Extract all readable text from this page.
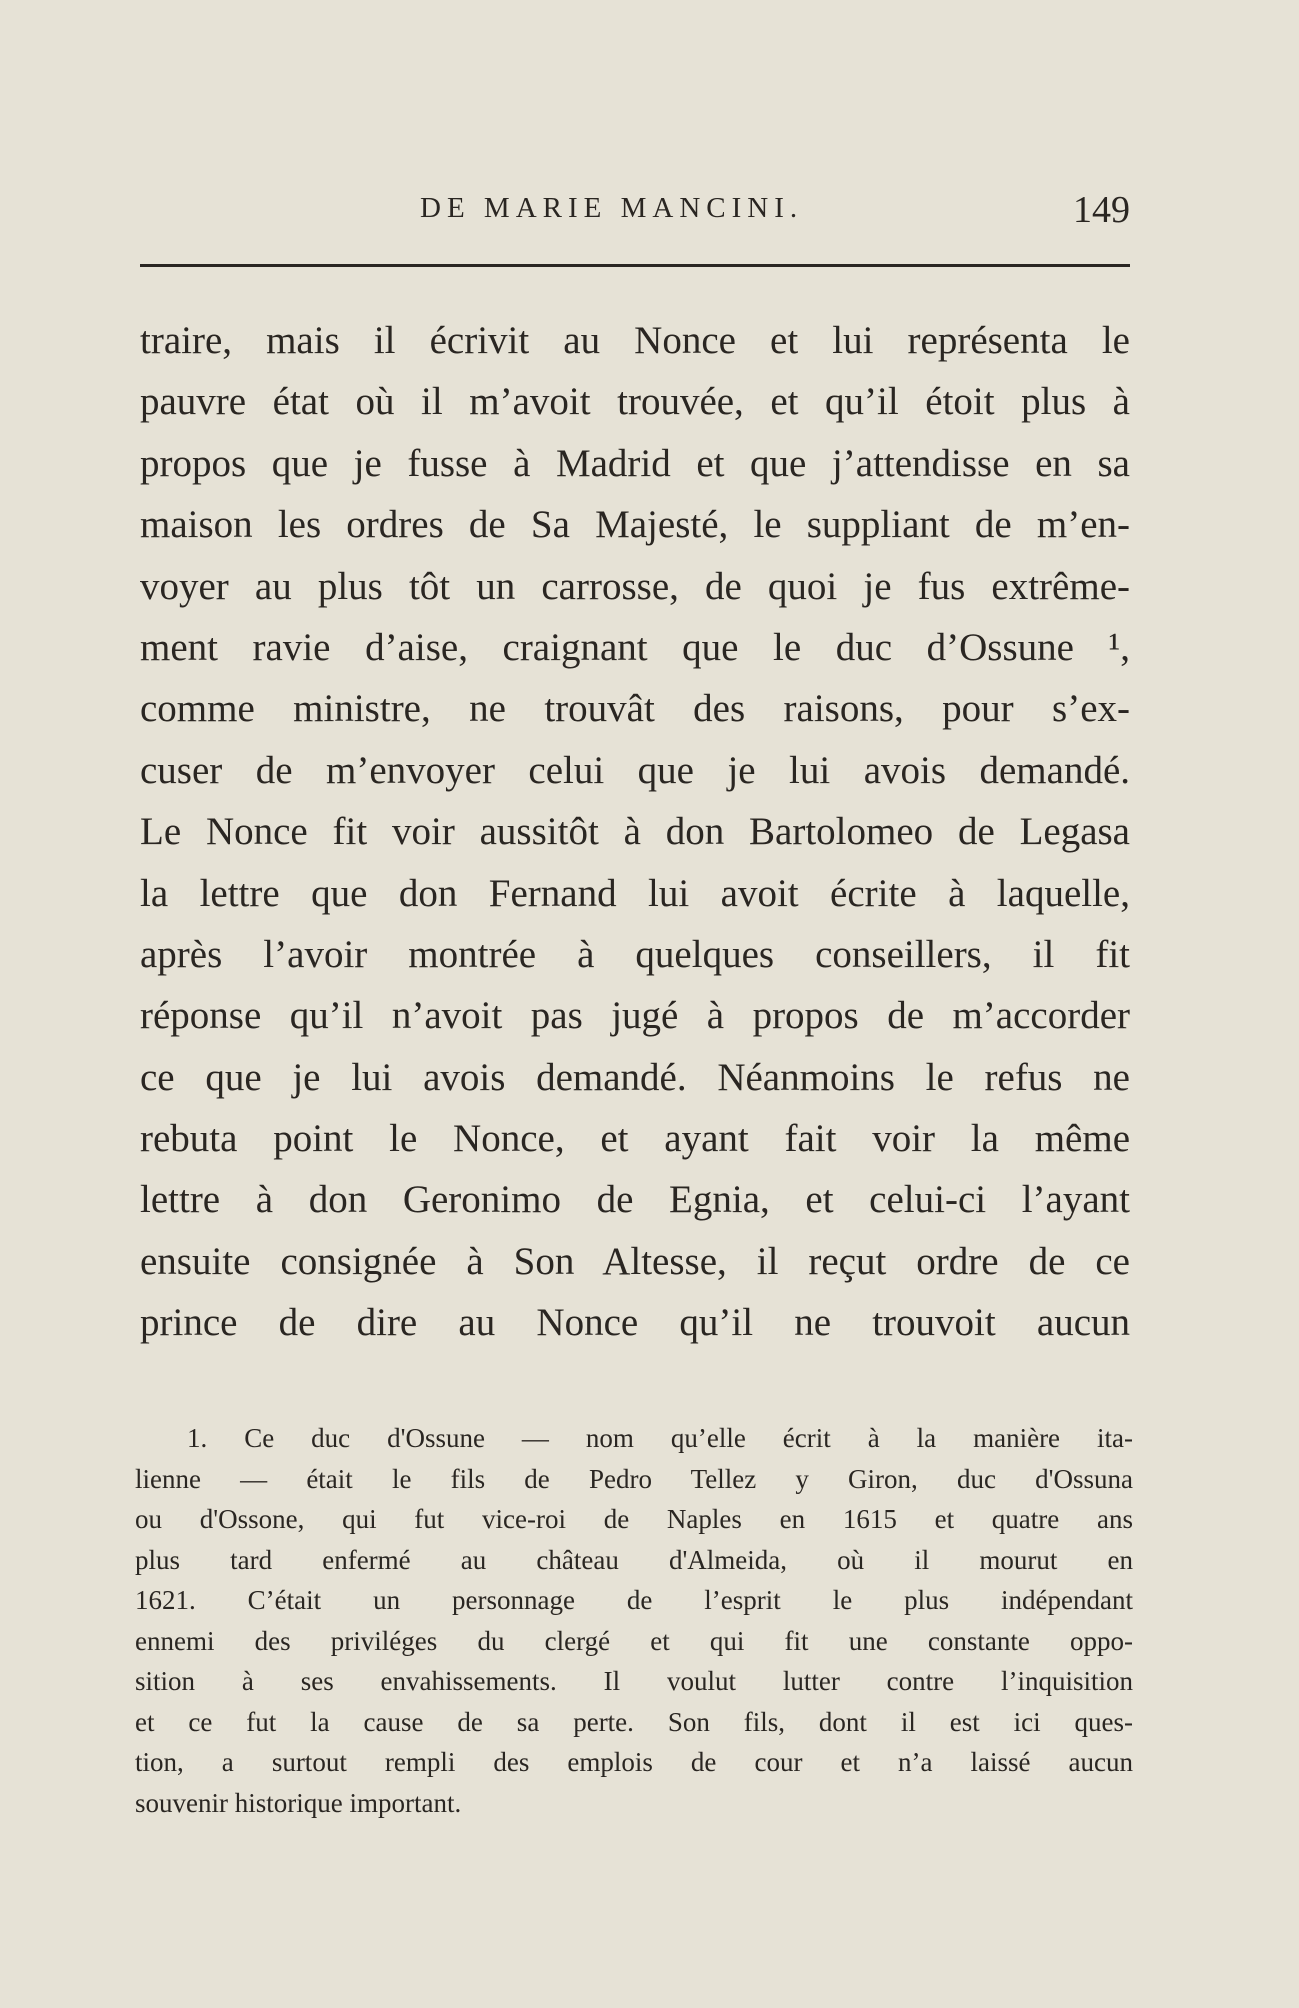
DE MARIE MANCINI.	149
traire, mais il écrivit au Nonce et lui représenta le
pauvre état où il m’avoit trouvée, et qu’il étoit plus à
propos que je fusse à Madrid et que j’attendisse en sa
maison les ordres de Sa Majesté, le suppliant de m’en-
voyer au plus tôt un carrosse, de quoi je fus extrême-
ment ravie d’aise, craignant que le duc d’Ossune ¹,
comme ministre, ne trouvât des raisons, pour s’ex-
cuser de m’envoyer celui que je lui avois demandé.
Le Nonce fit voir aussitôt à don Bartolomeo de Legasa
la lettre que don Fernand lui avoit écrite à laquelle,
après l’avoir montrée à quelques conseillers, il fit
réponse qu’il n’avoit pas jugé à propos de m’accorder
ce que je lui avois demandé. Néanmoins le refus ne
rebuta point le Nonce, et ayant fait voir la même
lettre à don Geronimo de Egnia, et celui-ci l’ayant
ensuite consignée à Son Altesse, il reçut ordre de ce
prince de dire au Nonce qu’il ne trouvoit aucun
1. Ce duc d'Ossune — nom qu’elle écrit à la manière ita-
lienne — était le fils de Pedro Tellez y Giron, duc d'Ossuna
ou d'Ossone, qui fut vice-roi de Naples en 1615 et quatre ans
plus tard enfermé au château d'Almeida, où il mourut en
1621. C’était un personnage de l’esprit le plus indépendant
ennemi des priviléges du clergé et qui fit une constante oppo-
sition à ses envahissements. Il voulut lutter contre l’inquisition
et ce fut la cause de sa perte. Son fils, dont il est ici ques-
tion, a surtout rempli des emplois de cour et n’a laissé aucun
souvenir historique important.
